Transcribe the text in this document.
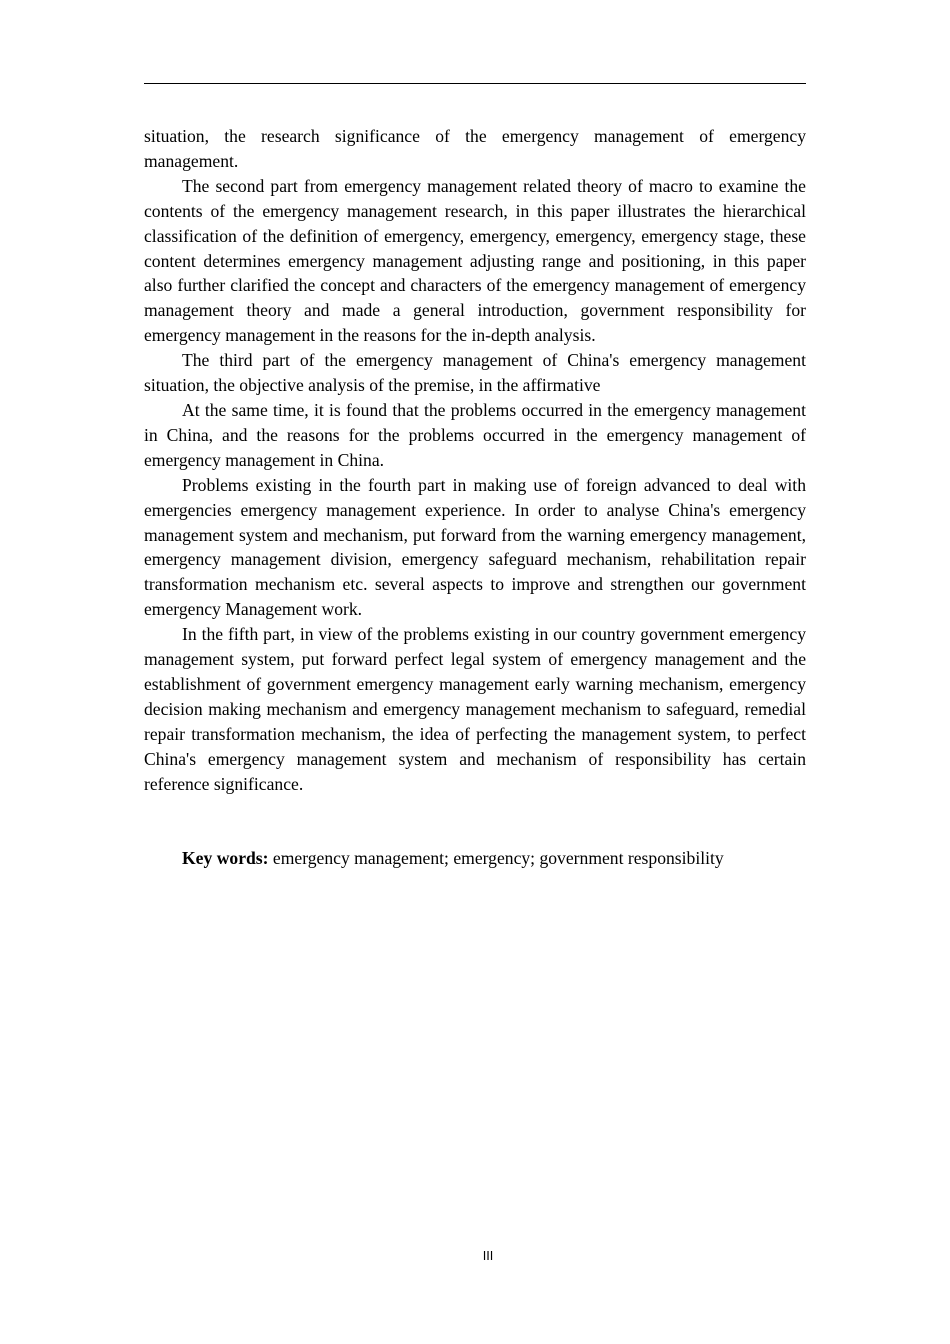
situation, the research significance of the emergency management of emergency management.

The second part from emergency management related theory of macro to examine the contents of the emergency management research, in this paper illustrates the hierarchical classification of the definition of emergency, emergency, emergency, emergency stage, these content determines emergency management adjusting range and positioning, in this paper also further clarified the concept and characters of the emergency management of emergency management theory and made a general introduction, government responsibility for emergency management in the reasons for the in-depth analysis.

The third part of the emergency management of China's emergency management situation, the objective analysis of the premise, in the affirmative

At the same time, it is found that the problems occurred in the emergency management in China, and the reasons for the problems occurred in the emergency management of emergency management in China.

Problems existing in the fourth part in making use of foreign advanced to deal with emergencies emergency management experience. In order to analyse China's emergency management system and mechanism, put forward from the warning emergency management, emergency management division, emergency safeguard mechanism, rehabilitation repair transformation mechanism etc. several aspects to improve and strengthen our government emergency Management work.

In the fifth part, in view of the problems existing in our country government emergency management system, put forward perfect legal system of emergency management and the establishment of government emergency management early warning mechanism, emergency decision making mechanism and emergency management mechanism to safeguard, remedial repair transformation mechanism, the idea of perfecting the management system, to perfect China's emergency management system and mechanism of responsibility has certain reference significance.

Key words: emergency management; emergency; government responsibility
III
